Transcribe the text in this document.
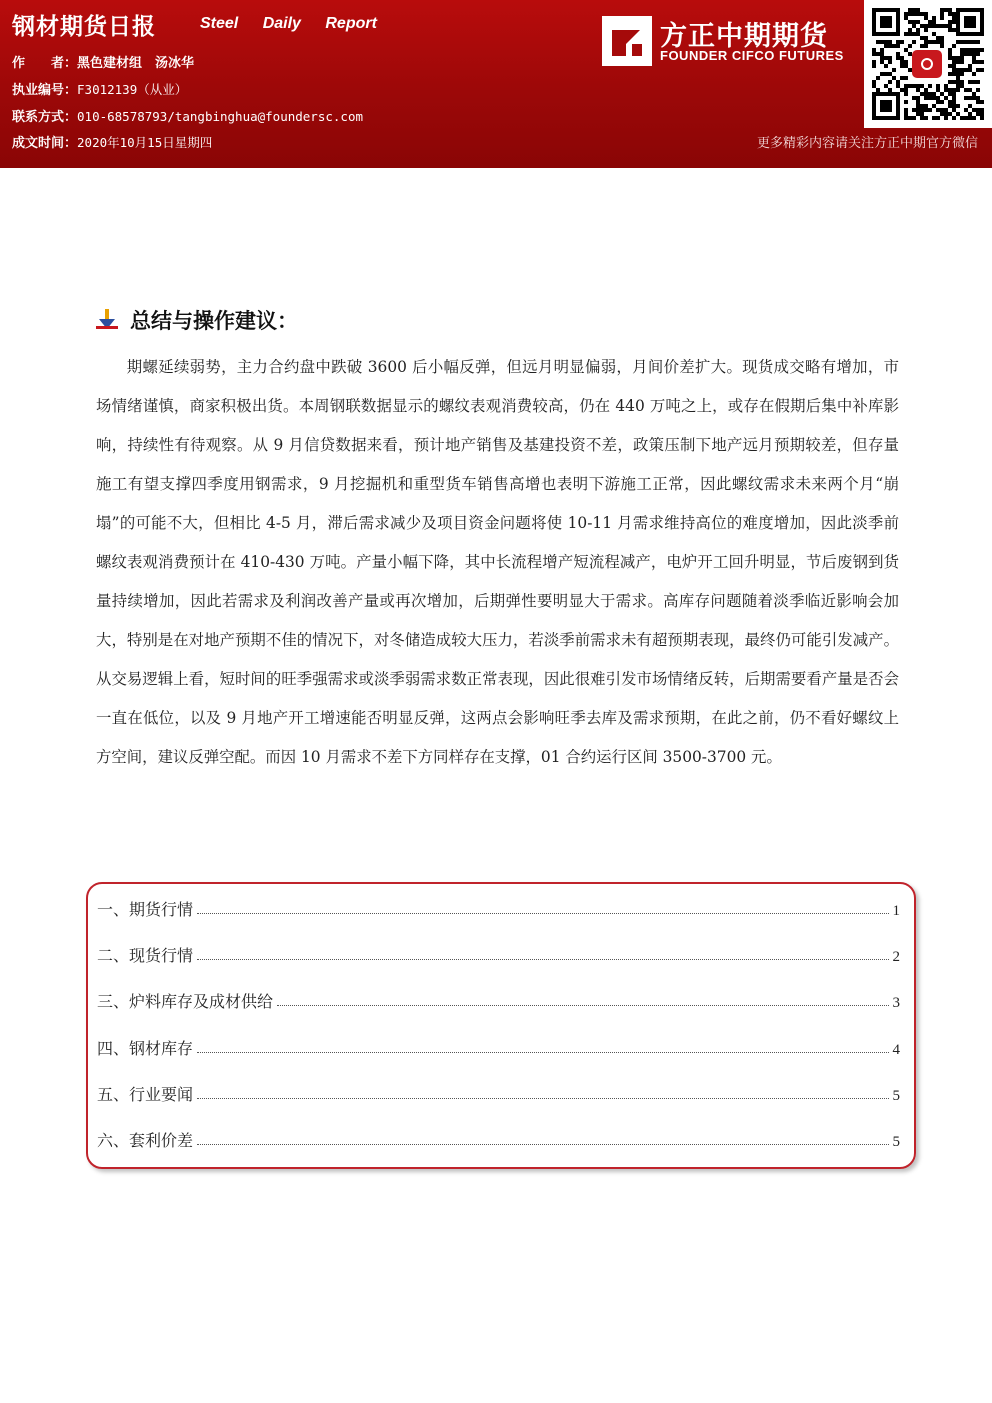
钢材期货日报	Steel Daily Report
作　　者：黑色建材组　汤冰华
执业编号：F3012139（从业）
联系方式：010-68578793/tangbinghua@foundersc.com
成文时间：2020年10月15日星期四
方正中期期货
FOUNDER CIFCO FUTURES
更多精彩内容请关注方正中期官方微信
总结与操作建议：

期螺延续弱势，主力合约盘中跌破 3600 后小幅反弹，但远月明显偏弱，月间价差扩大。现货成交略有增加，市场情绪谨慎，商家积极出货。本周钢联数据显示的螺纹表观消费较高，仍在 440 万吨之上，或存在假期后集中补库影响，持续性有待观察。从 9 月信贷数据来看，预计地产销售及基建投资不差，政策压制下地产远月预期较差，但存量施工有望支撑四季度用钢需求，9 月挖掘机和重型货车销售高增也表明下游施工正常，因此螺纹需求未来两个月“崩塌”的可能不大，但相比 4-5 月，滞后需求减少及项目资金问题将使 10-11 月需求维持高位的难度增加，因此淡季前螺纹表观消费预计在 410-430 万吨。产量小幅下降，其中长流程增产短流程减产，电炉开工回升明显，节后废钢到货量持续增加，因此若需求及利润改善产量或再次增加，后期弹性要明显大于需求。高库存问题随着淡季临近影响会加大，特别是在对地产预期不佳的情况下，对冬储造成较大压力，若淡季前需求未有超预期表现，最终仍可能引发减产。从交易逻辑上看，短时间的旺季强需求或淡季弱需求数正常表现，因此很难引发市场情绪反转，后期需要看产量是否会一直在低位，以及 9 月地产开工增速能否明显反弹，这两点会影响旺季去库及需求预期，在此之前，仍不看好螺纹上方空间，建议反弹空配。而因 10 月需求不差下方同样存在支撑，01 合约运行区间 3500-3700 元。

一、期货行情	1
二、现货行情	2
三、炉料库存及成材供给	3
四、钢材库存	4
五、行业要闻	5
六、套利价差	5
